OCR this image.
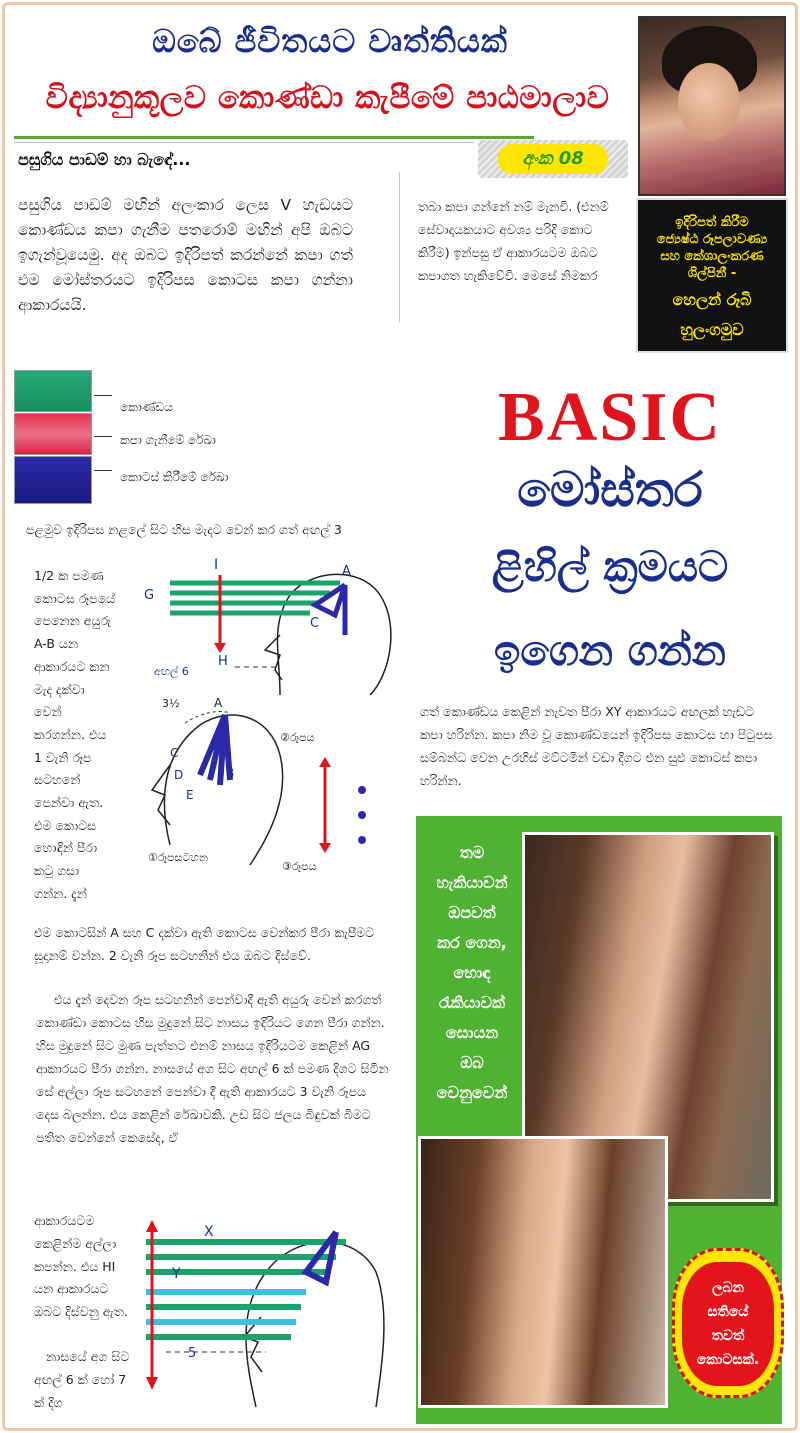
ඔබේ ජීවිතයට වෘත්තියක්
විද්‍යානුකූලව කොණ්ඩා කැපීමේ පාඨමාලාව
පසුගිය පාඩම් හා බැඳේ...	අංක 08
ඉදිරිපත් කිරීම
ජ්‍යෙෂ්ඨ රූපලාවණ්‍ය
සහ කේශාලංකරණ
ශිල්පිනී -
හෙලන් රූබි
හුලංගමුව
පසුගිය පාඩම් මඟින් අලංකාර ලෙස V හැඩයට කොණ්ඩය කපා ගැනීම පතරොම් මඟින් අපි ඔබට ඉගැන්වූයෙමු. අද ඔබට ඉදිරිපත් කරන්නේ කපා ගත් එම මෝස්තරයට ඉදිරිපස කොටස කපා ගන්නා ආකාරයයි.
තබා කපා ගන්නේ නම් මැනවි. (එනම් සේවාදායකයාට අවශ්‍ය පරිදි කොට කිරීම) ඉන්පසු ඒ ආකාරයටම ඔබට කපාගත හැකිවේවි. මෙසේ නිමකර
කොණ්ඩය
කපා ගැනීමේ රේඛා
කොටස් කිරීමේ රේඛා
BASIC
මෝස්තර
ළිහිල් ක්‍රමයට
ඉගෙන ගන්න
ගත් කොණ්ඩය කෙළින් නැවත පීරා XY ආකාරයට අඟලක් හැඩට කපා හරින්න. කපා නිම වූ කොණ්ඩයෙන් ඉදිරිපස කොටස හා පිටුපස සම්බන්ධ වෙන උරහිස් මට්ටමින් වඩා දිගට එන සුළු කොටස් කපා හරින්න.
පළමුව ඉදිරිපස නළලේ සිට හිස මැදට වෙන් කර ගත් අඟල් 3
1/2 ක පමණ කොටස රූපයේ පෙනෙන අයුරු A-B යන ආකාරයට කන මැද දක්වා වෙන් කරගන්න. එය 1 වැනි රූප සටහනේ පෙන්වා ඇත. එම කොටස හොඳින් පීරා කටු ගසා ගන්න. දැන්
I	A
G
C
H
අඟල් 6
3½	A
C
D
E
B
①රූපසටහන
②රූපය
③රූපය
එම කොටසින් A සහ C දක්වා ඇති කොටස වෙන්කර පීරා කැපීමට සූදානම් වන්න. 2 වැනි රූප සටහනින් එය ඔබට දිස්වේ.
එය දැන් දෙවන රූප සටහනින් පෙන්වාදී ඇති අයුරු වෙන් කරගත් කොණ්ඩා කොටස හිස මුදුනේ සිට නාසය ඉදිරියට ගෙන පීරා ගන්න. හිස මුදුනේ සිට මුණ පැත්තට එනම් නාසය ඉදිරියටම කෙළින් AG ආකාරයට පීරා ගන්න. නාසයේ අග සිට අඟල් 6 ක් පමණ දිගට සිටින සේ අල්ලා රූප සටහනේ පෙන්වා දී ඇති ආකාරයට 3 වැනි රූපය දෙස බලන්න. එය කෙළින් රේඛාවකි. උඩ සිට ජලය බිඳුවක් බිමට පතිත වෙන්නේ කෙසේද, ඒ
ආකාරයටම කෙළින්ම අල්ලා කපන්න. එය HI යන ආකාරයට ඔබට දිස්වනු ඇත.
නාසයේ අග සිට අඟල් 6 ක් හෝ 7 ක් දිග
X
Y
5
තම
හැකියාවන්
ඔපවත්
කර ගෙන,
හොඳ
රැකියාවක්
සොයන
ඔබ
වෙනුවෙන්
ලබන
සතියේ
තවත්
කොටසක්.
